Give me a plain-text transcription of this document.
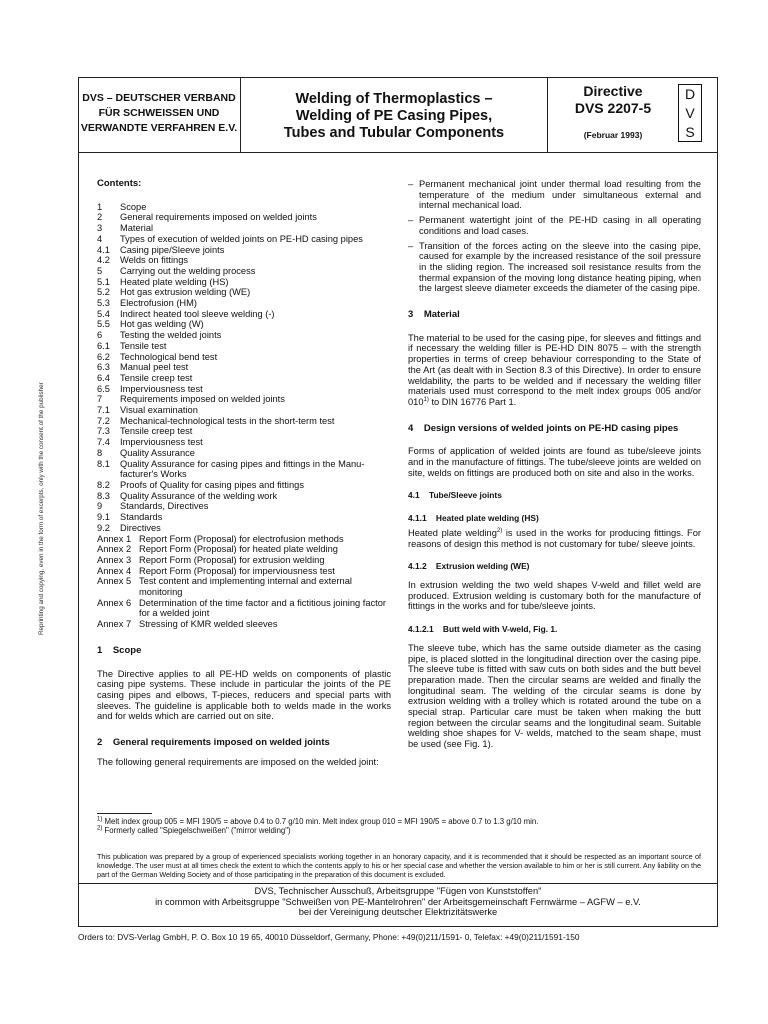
DVS – DEUTSCHER VERBAND
FÜR SCHWEISSEN UND
VERWANDTE VERFAHREN E.V.
Welding of Thermoplastics –
Welding of PE Casing Pipes,
Tubes and Tubular Components
Directive
DVS 2207-5
(Februar 1993)
D
V
S
Reprinting and copying, even in the form of excerpts, only with the consent of the publisher
Contents:
1	Scope
2	General requirements imposed on welded joints
3	Material
4	Types of execution of welded joints on PE-HD casing pipes
4.1	Casing pipe/Sleeve joints
4.2	Welds on fittings
5	Carrying out the welding process
5.1	Heated plate welding (HS)
5.2	Hot gas extrusion welding (WE)
5.3	Electrofusion (HM)
5.4	Indirect heated tool sleeve welding (-)
5.5	Hot gas welding (W)
6	Testing the welded joints
6.1	Tensile test
6.2	Technological bend test
6.3	Manual peel test
6.4	Tensile creep test
6.5	Imperviousness test
7	Requirements imposed on welded joints
7.1	Visual examination
7.2	Mechanical-technological tests in the short-term test
7.3	Tensile creep test
7.4	Imperviousness test
8	Quality Assurance
8.1	Quality Assurance for casing pipes and fittings in the Manu-facturer's Works
8.2	Proofs of Quality for casing pipes and fittings
8.3	Quality Assurance of the welding work
9	Standards, Directives
9.1	Standards
9.2	Directives
Annex 1 Report Form (Proposal) for electrofusion methods
Annex 2 Report Form (Proposal) for heated plate welding
Annex 3 Report Form (Proposal) for extrusion welding
Annex 4 Report Form (Proposal) for imperviousness test
Annex 5 Test content and implementing internal and external monitoring
Annex 6 Determination of the time factor and a fictitious joining factor for a welded joint
Annex 7 Stressing of KMR welded sleeves
1    Scope
The Directive applies to all PE-HD welds on components of plastic casing pipe systems. These include in particular the joints of the PE casing pipes and elbows, T-pieces, reducers and special parts with sleeves. The guideline is applicable both to welds made in the works and for welds which are carried out on site.
2    General requirements imposed on welded joints
The following general requirements are imposed on the welded joint:
– Permanent mechanical joint under thermal load resulting from the temperature of the medium under simultaneous external and internal mechanical load.
– Permanent watertight joint of the PE-HD casing in all operating conditions and load cases.
– Transition of the forces acting on the sleeve into the casing pipe, caused for example by the increased resistance of the soil pressure in the sliding region. The increased soil resistance results from the thermal expansion of the moving long distance heating piping, when the largest sleeve diameter exceeds the diameter of the casing pipe.
3    Material
The material to be used for the casing pipe, for sleeves and fittings and if necessary the welding filler is PE-HD DIN 8075 – with the strength properties in terms of creep behaviour corresponding to the State of the Art (as dealt with in Section 8.3 of this Directive). In order to ensure weldability, the parts to be welded and if necessary the welding filler materials used must correspond to the melt index groups 005 and/or 010$^{1)}$ to DIN 16776 Part 1.
4    Design versions of welded joints on PE-HD casing pipes
Forms of application of welded joints are found as tube/sleeve joints and in the manufacture of fittings. The tube/sleeve joints are welded on site, welds on fittings are produced both on site and also in the works.
4.1    Tube/Sleeve joints
4.1.1    Heated plate welding (HS)
Heated plate welding$^{2)}$ is used in the works for producing fittings. For reasons of design this method is not customary for tube/ sleeve joints.
4.1.2    Extrusion welding (WE)
In extrusion welding the two weld shapes V-weld and fillet weld are produced. Extrusion welding is customary both for the manufacture of fittings in the works and for tube/sleeve joints.
4.1.2.1    Butt weld with V-weld, Fig. 1.
The sleeve tube, which has the same outside diameter as the casing pipe, is placed slotted in the longitudinal direction over the casing pipe. The sleeve tube is fitted with saw cuts on both sides and the butt bevel preparation made. Then the circular seams are welded and finally the longitudinal seam. The welding of the circular seams is done by extrusion welding with a trolley which is rotated around the tube on a special strap. Particular care must be taken when making the butt region between the circular seams and the longitudinal seam. Suitable welding shoe shapes for V- welds, matched to the seam shape, must be used (see Fig. 1).
$^{1)}$ Melt index group 005 = MFI 190/5 = above 0.4 to 0.7 g/10 min. Melt index group 010 = MFI 190/5 = above 0.7 to 1.3 g/10 min.
$^{2)}$ Formerly called "Spiegelschweißen" ("mirror welding")
This publication was prepared by a group of experienced specialists working together in an honorary capacity, and it is recommended that it should be respected as an important source of knowledge. The user must at all times check the extent to which the contents apply to his or her special case and whether the version available to him or her is still current. Any liability on the part of the German Welding Society and of those participating in the preparation of this document is excluded.
DVS, Technischer Ausschuß, Arbeitsgruppe "Fügen von Kunststoffen"
in common with Arbeitsgruppe "Schweißen von PE-Mantelrohren" der Arbeitsgemeinschaft Fernwärme – AGFW – e.V.
bei der Vereinigung deutscher Elektrizitätswerke
Orders to: DVS-Verlag GmbH, P. O. Box 10 19 65, 40010 Düsseldorf, Germany, Phone: +49(0)211/1591- 0, Telefax: +49(0)211/1591-150
